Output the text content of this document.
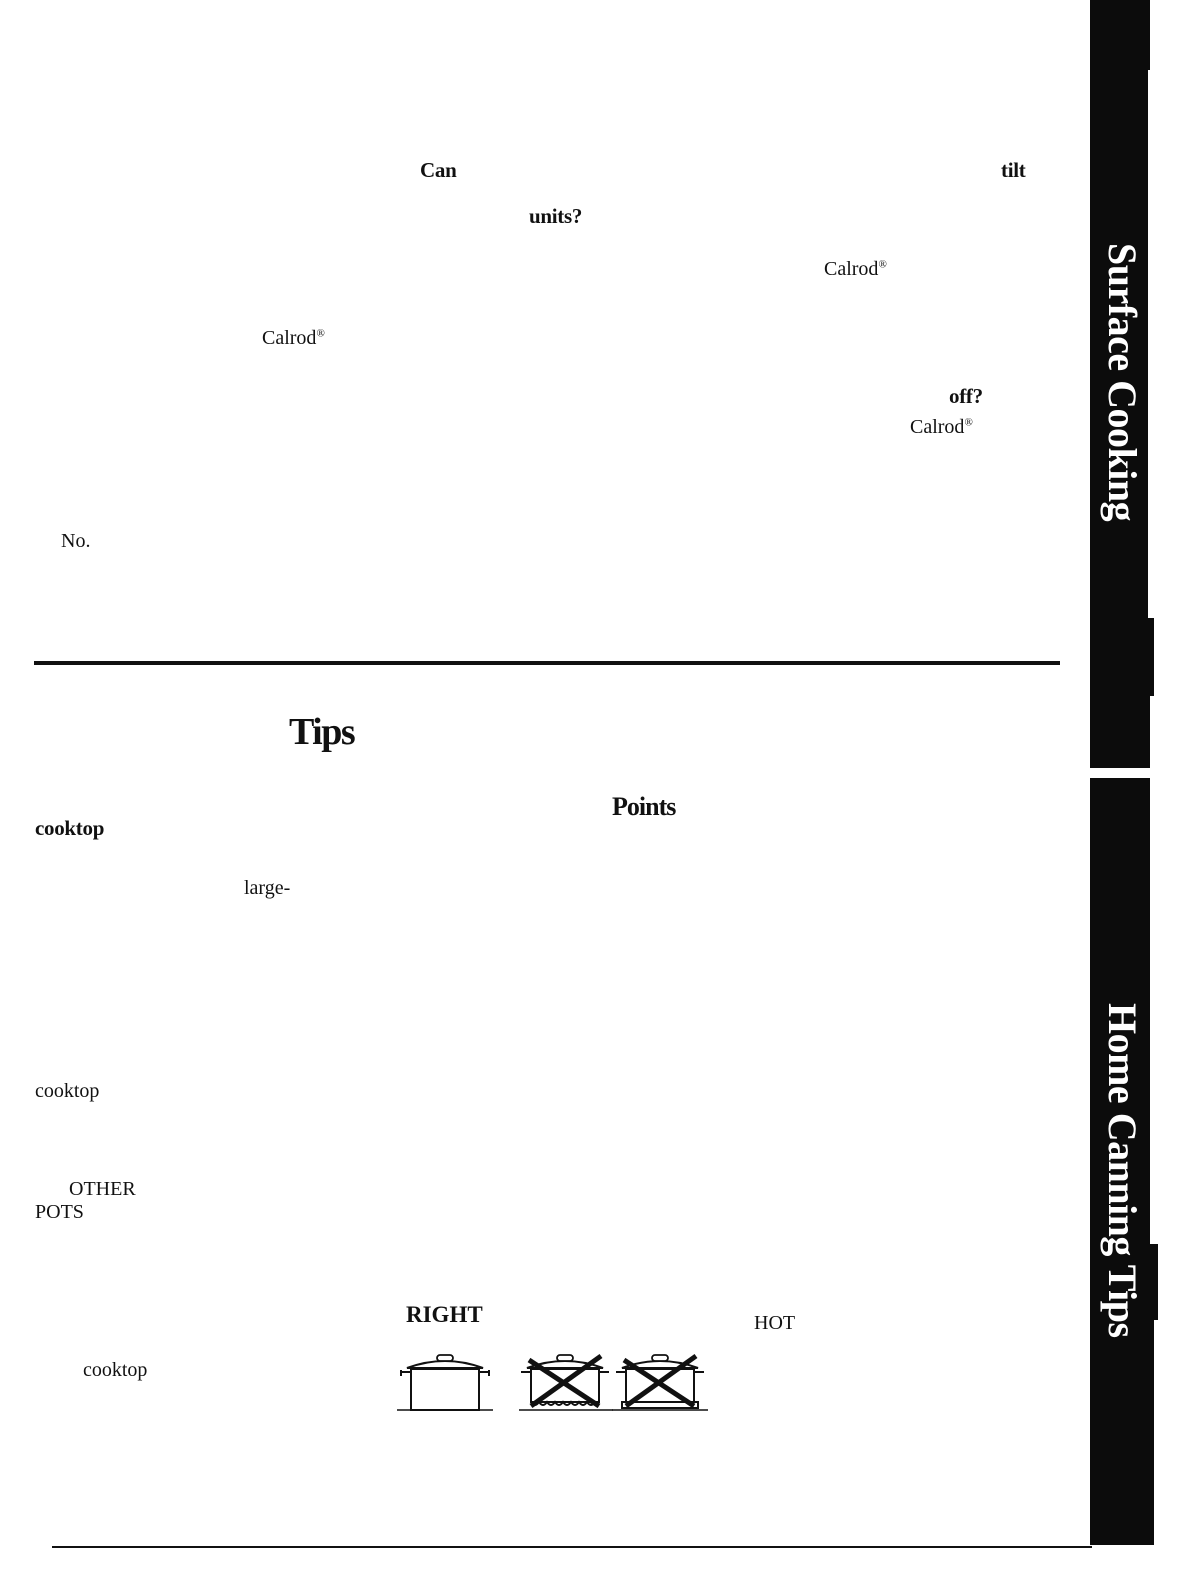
Surface Cooking
Home Canning Tips
Can	tilt
units?
Calrod®
Calrod®
off?
Calrod®
No.
Tips
Points
cooktop
large-
cooktop
OTHER
POTS
RIGHT	HOT
cooktop
